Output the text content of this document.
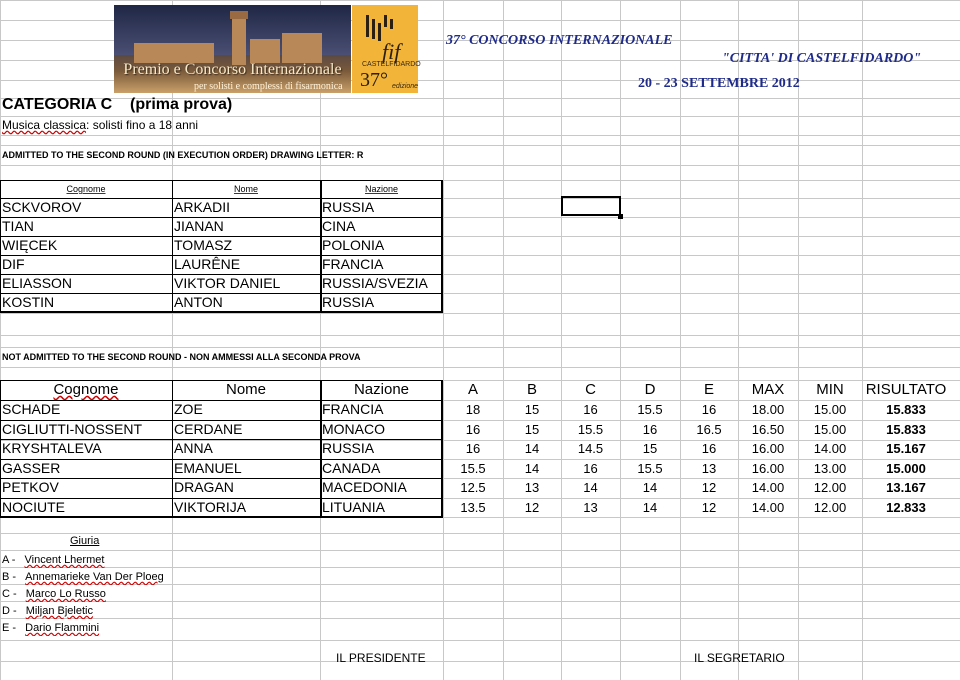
Premio e Concorso Internazionale
per solisti e complessi di fisarmonica
fif
CASTELFIDARDO
37° edizione
37° CONCORSO INTERNAZIONALE
"CITTA' DI CASTELFIDARDO"
20 - 23 SETTEMBRE 2012
CATEGORIA C (prima prova)
Musica classica: solisti fino a 18 anni
ADMITTED TO THE SECOND ROUND (IN EXECUTION ORDER) DRAWING LETTER: R
Cognome	Nome	Nazione
SCKVOROV	ARKADII	RUSSIA
TIAN	JIANAN	CINA
WIĘCEK	TOMASZ	POLONIA
DIF	LAURÊNE	FRANCIA
ELIASSON	VIKTOR DANIEL	RUSSIA/SVEZIA
KOSTIN	ANTON	RUSSIA
NOT ADMITTED TO THE SECOND ROUND - NON AMMESSI ALLA SECONDA PROVA
Cognome	Nome	Nazione	A	B	C	D	E	MAX	MIN	RISULTATO
SCHADE	ZOE	FRANCIA	18	15	16	15.5	16	18.00	15.00	15.833
CIGLIUTTI-NOSSENT	CERDANE	MONACO	16	15	15.5	16	16.5	16.50	15.00	15.833
KRYSHTALEVA	ANNA	RUSSIA	16	14	14.5	15	16	16.00	14.00	15.167
GASSER	EMANUEL	CANADA	15.5	14	16	15.5	13	16.00	13.00	15.000
PETKOV	DRAGAN	MACEDONIA	12.5	13	14	14	12	14.00	12.00	13.167
NOCIUTE	VIKTORIJA	LITUANIA	13.5	12	13	14	12	14.00	12.00	12.833
Giuria
A - Vincent Lhermet
B - Annemarieke Van Der Ploeg
C - Marco Lo Russo
D - Miljan Bjeletic
E - Dario Flammini
IL PRESIDENTE	IL SEGRETARIO
